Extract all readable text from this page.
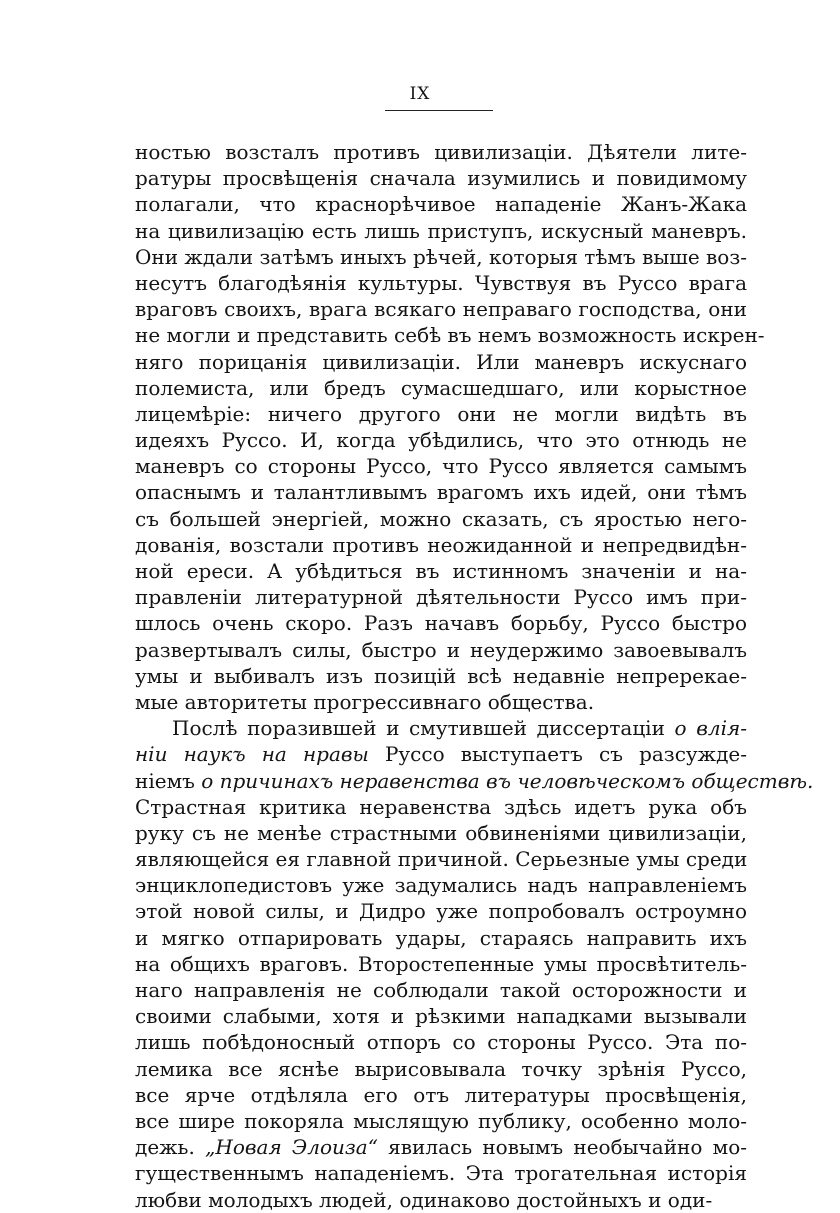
IX
ностью возсталъ противъ цивилизаціи. Дѣятели лите-
ратуры просвѣщенія сначала изумились и повидимому
полагали, что краснорѣчивое нападеніе Жанъ-Жака
на цивилизацію есть лишь приступъ, искусный маневръ.
Они ждали затѣмъ иныхъ рѣчей, которыя тѣмъ выше воз-
несутъ благодѣянія культуры. Чувствуя въ Руссо врага
враговъ своихъ, врага всякаго неправаго господства, они
не могли и представить себѣ въ немъ возможность искрен-
няго порицанія цивилизаціи. Или маневръ искуснаго
полемиста, или бредъ сумасшедшаго, или корыстное
лицемѣріе: ничего другого они не могли видѣть въ
идеяхъ Руссо. И, когда убѣдились, что это отнюдь не
маневръ со стороны Руссо, что Руссо является самымъ
опаснымъ и талантливымъ врагомъ ихъ идей, они тѣмъ
съ большей энергіей, можно сказать, съ яростью него-
дованія, возстали противъ неожиданной и непредвидѣн-
ной ереси. А убѣдиться въ истинномъ значеніи и на-
правленіи литературной дѣятельности Руссо имъ при-
шлось очень скоро. Разъ начавъ борьбу, Руссо быстро
развертывалъ силы, быстро и неудержимо завоевывалъ
умы и выбивалъ изъ позицій всѣ недавніе непререкае-
мые авторитеты прогрессивнаго общества.
Послѣ поразившей и смутившей диссертаціи о влія-
ніи наукъ на нравы Руссо выступаетъ съ разсужде-
ніемъ о причинахъ неравенства въ человѣческомъ обществѣ.
Страстная критика неравенства здѣсь идетъ рука объ
руку съ не менѣе страстными обвиненіями цивилизаціи,
являющейся ея главной причиной. Серьезные умы среди
энциклопедистовъ уже задумались надъ направленіемъ
этой новой силы, и Дидро уже попробовалъ остроумно
и мягко отпарировать удары, стараясь направить ихъ
на общихъ враговъ. Второстепенные умы просвѣтитель-
наго направленія не соблюдали такой осторожности и
своими слабыми, хотя и рѣзкими нападками вызывали
лишь побѣдоносный отпоръ со стороны Руссо. Эта по-
лемика все яснѣе вырисовывала точку зрѣнія Руссо,
все ярче отдѣляла его отъ литературы просвѣщенія,
все шире покоряла мыслящую публику, особенно моло-
дежь. „Новая Элоиза“ явилась новымъ необычайно мо-
гущественнымъ нападеніемъ. Эта трогательная исторія
любви молодыхъ людей, одинаково достойныхъ и оди-
